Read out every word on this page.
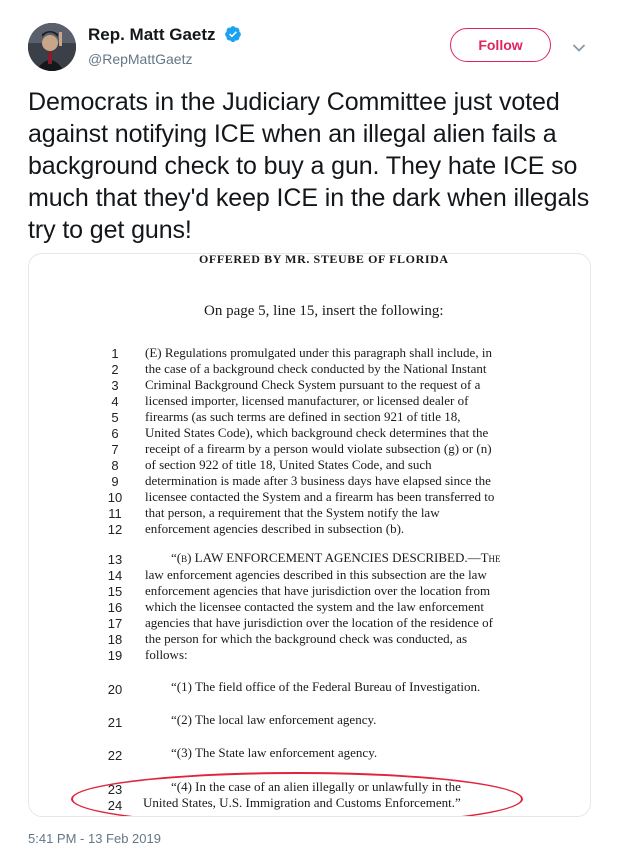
Rep. Matt Gaetz
@RepMattGaetz
Follow
Democrats in the Judiciary Committee just voted against notifying ICE when an illegal alien fails a background check to buy a gun. They hate ICE so much that they'd keep ICE in the dark when illegals try to get guns!
OFFERED BY MR. STEUBE OF FLORIDA
On page 5, line 15, insert the following:
1	(E) Regulations promulgated under this paragraph shall include, in
2	the case of a background check conducted by the National Instant
3	Criminal Background Check System pursuant to the request of a
4	licensed importer, licensed manufacturer, or licensed dealer of
5	firearms (as such terms are defined in section 921 of title 18,
6	United States Code), which background check determines that the
7	receipt of a firearm by a person would violate subsection (g) or (n)
8	of section 922 of title 18, United States Code, and such
9	determination is made after 3 business days have elapsed since the
10	licensee contacted the System and a firearm has been transferred to
11	that person, a requirement that the System notify the law
12	enforcement agencies described in subsection (b).
13	“(b) LAW ENFORCEMENT AGENCIES DESCRIBED.—The
14	law enforcement agencies described in this subsection are the law
15	enforcement agencies that have jurisdiction over the location from
16	which the licensee contacted the system and the law enforcement
17	agencies that have jurisdiction over the location of the residence of
18	the person for which the background check was conducted, as
19	follows:
20	“(1) The field office of the Federal Bureau of Investigation.
21	“(2) The local law enforcement agency.
22	“(3) The State law enforcement agency.
23	“(4) In the case of an alien illegally or unlawfully in the
24	United States, U.S. Immigration and Customs Enforcement.”
5:41 PM - 13 Feb 2019
